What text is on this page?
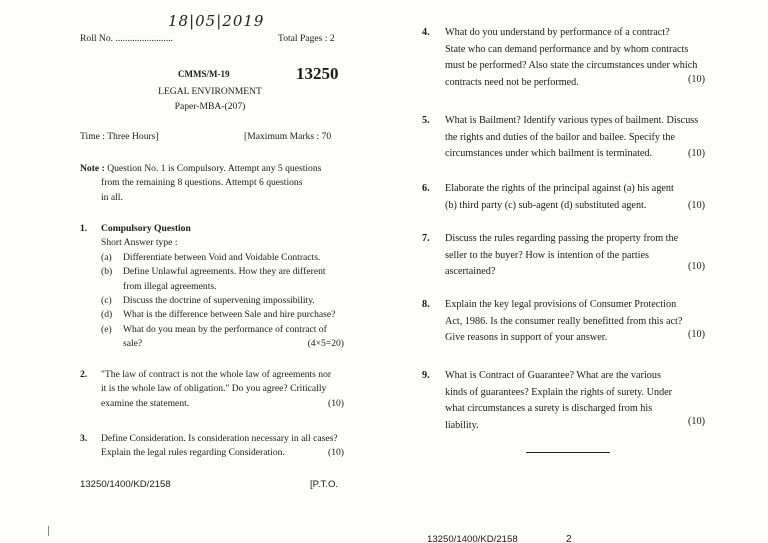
18|05|2019
Roll No. ........................	Total Pages : 2
CMMS/M-19	13250
LEGAL ENVIRONMENT
Paper-MBA-(207)
Time : Three Hours]	[Maximum Marks : 70
Note : Question No. 1 is Compulsory. Attempt any 5 questions
from the remaining 8 questions. Attempt 6 questions
in all.
1. Compulsory Question
Short Answer type :
(a) Differentiate between Void and Voidable Contracts.
(b) Define Unlawful agreements. How they are different
from illegal agreements.
(c) Discuss the doctrine of supervening impossibility.
(d) What is the difference between Sale and hire purchase?
(e) What do you mean by the performance of contract of
sale?	(4×5=20)
2. "The law of contract is not the whole law of agreements nor
it is the whole law of obligation." Do you agree? Critically
examine the statement.	(10)
3. Define Consideration. Is consideration necessary in all cases?
Explain the legal rules regarding Consideration.	(10)
13250/1400/KD/2158	[P.T.O.
4. What do you understand by performance of a contract?

State who can demand performance and by whom contracts

must be performed? Also state the circumstances under which

contracts need not be performed.	(10)

5. What is Bailment? Identify various types of bailment. Discuss

the rights and duties of the bailor and bailee. Specify the

circumstances under which bailment is terminated.	(10)

6. Elaborate the rights of the principal against (a) his agent

(b) third party (c) sub-agent (d) substituted agent.	(10)

7. Discuss the rules regarding passing the property from the

seller to the buyer? How is intention of the parties

ascertained?	(10)

8. Explain the key legal provisions of Consumer Protection

Act, 1986. Is the consumer really benefitted from this act?

Give reasons in support of your answer.	(10)

9. What is Contract of Guarantee? What are the various

kinds of guarantees? Explain the rights of surety. Under

what circumstances a surety is discharged from his

liability.	(10)

13250/1400/KD/2158	2
